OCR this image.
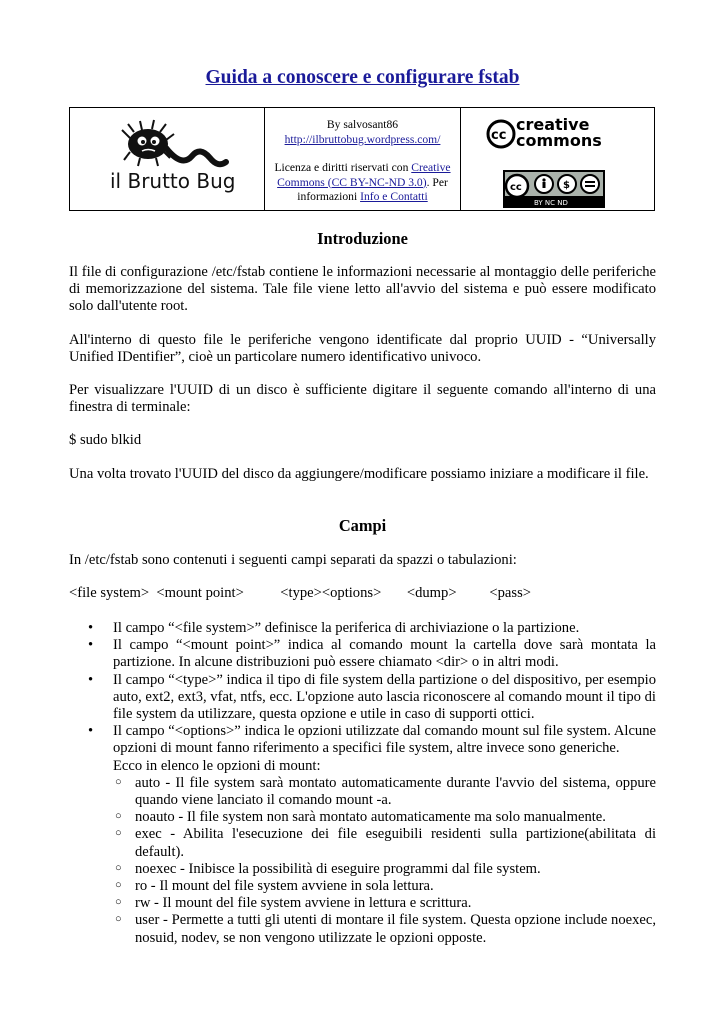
Guida a conoscere e configurare fstab
il Brutto Bug
By salvosant86
http://ilbruttobug.wordpress.com/
Licenza e diritti riservati con Creative Commons (CC BY-NC-ND 3.0). Per informazioni Info e Contatti
cc
creative
commons
cc	$
BY NC ND
Introduzione

Il file di configurazione /etc/fstab contiene le informazioni necessarie al montaggio delle periferiche di memorizzazione del sistema. Tale file viene letto all'avvio del sistema e può essere modificato solo dall'utente root.

All'interno di questo file le periferiche vengono identificate dal proprio UUID - “Universally Unified IDentifier”, cioè un particolare numero identificativo univoco.

Per visualizzare l'UUID di un disco è sufficiente digitare il seguente comando all'interno di una finestra di terminale:

$ sudo blkid

Una volta trovato l'UUID del disco da aggiungere/modificare possiamo iniziare a modificare il file.

Campi

In /etc/fstab sono contenuti i seguenti campi separati da spazzi o tabulazioni:

<file system>  <mount point>          <type><options>       <dump>         <pass>
• Il campo “<file system>” definisce la periferica di archiviazione o la partizione.
• Il campo “<mount point>” indica al comando mount la cartella dove sarà montata la partizione. In alcune distribuzioni può essere chiamato <dir> o in altri modi.
• Il campo “<type>” indica il tipo di file system della partizione o del dispositivo, per esempio auto, ext2, ext3, vfat, ntfs, ecc. L'opzione auto lascia riconoscere al comando mount il tipo di file system da utilizzare, questa opzione e utile in caso di supporti ottici.
• Il campo “<options>” indica le opzioni utilizzate dal comando mount sul file system. Alcune opzioni di mount fanno riferimento a specifici file system, altre invece sono generiche.
Ecco in elenco le opzioni di mount:
○ auto - Il file system sarà montato automaticamente durante l'avvio del sistema, oppure quando viene lanciato il comando mount -a.
○ noauto - Il file system non sarà montato automaticamente ma solo manualmente.
○ exec - Abilita l'esecuzione dei file eseguibili residenti sulla partizione(abilitata di default).
○ noexec - Inibisce la possibilità di eseguire programmi dal file system.
○ ro - Il mount del file system avviene in sola lettura.
○ rw - Il mount del file system avviene in lettura e scrittura.
○ user - Permette a tutti gli utenti di montare il file system. Questa opzione include noexec, nosuid, nodev, se non vengono utilizzate le opzioni opposte.
